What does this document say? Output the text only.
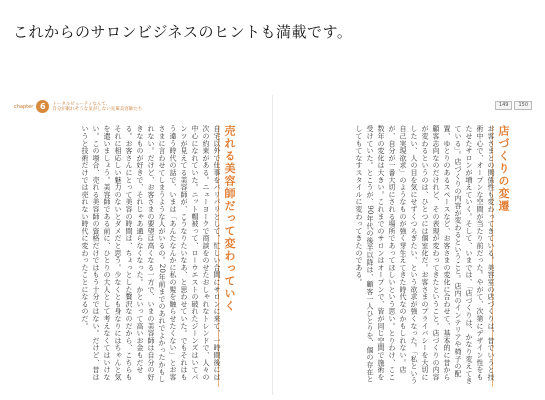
これからのサロンビジネスのヒントも満載です。
chapter 6	トータルビューティなんて、
自分が眠れそうな気がしない先輩美容師たち
売れる美容師だって変わっていく
自宅以外で仕事をバリバリとして、忙しい合間にサロンに来て、一時間後には次の約束がある。ニューヨークで商談をのせたおしゃれなトレンドで、人々の中心になれていた。ニット帽被って、ローウエストの破れたジーンズはいてパンツが見えてる美容師が、こうなりたいなあ、と思わせていた。でもそれはもう違う時代の話で、いまは「あんたなんかに私の髪を触らせたくない」とお客さまに言わせてしまうような人がいるの。20年前までのあれでよかったかもしれない。だけど、お客さまの要望は高くなる一方で、いまの美容師は自分の好きなものが好きで、それじゃあ通らなくなった。かといって高いお金もだせる。お客さんにとって美容の時間は、ちょっとした贅沢なのだから、こちらもそれに相応しい魅力のないとダメだと思う。少なくとも身なりにはちゃんと気を遣いましょう。美容師である前に、ひとりの大人として考えなくてはいけない。この場合、売れる美容師の資格だけではもう十分ではない。だけど、昔はいうと技術だけでは売れない時代に変わったことになるのだ。
149	150
店づくりの変遷
お客さまとの関係性も変わってきている。美容室の店づくりは、昔でいうと技術中心で、オープンな空間が当たり前だった。やがて、次第にデザイン性をもたせたサロンが増えていく。そして、いまでは、「店づくりは、かなり変えてきている」。店づくりの内容が変わるということ。店内のインテリアや椅子の配置、ゆとりのあるスペースなど、お客さまの変化に合わせて、基本的に昔から顧客志向なのだけれど、その表現が変わってきたということ。店づくりの内容が変わるというのは、ひとつには個室化だ。お客さまのプライバシーを大切にしたい、人の目を気にせずくつろぎたい、という欲求が強くなった。「私という自己実現欲求」のようなものが強く芽生えてきた時代なのかもしれない。店が、自分が一番大切にされる場所であってほしいという思い。とりわけ、ここ数年の変化は大きい。これまでのサロンはオープンで、皆が同じ空間で施術を受けていた。とこうが、90年代の後半以降は、顧客一人ひとりを、個の存在としてもてなすスタイルに変わってきたのである。
